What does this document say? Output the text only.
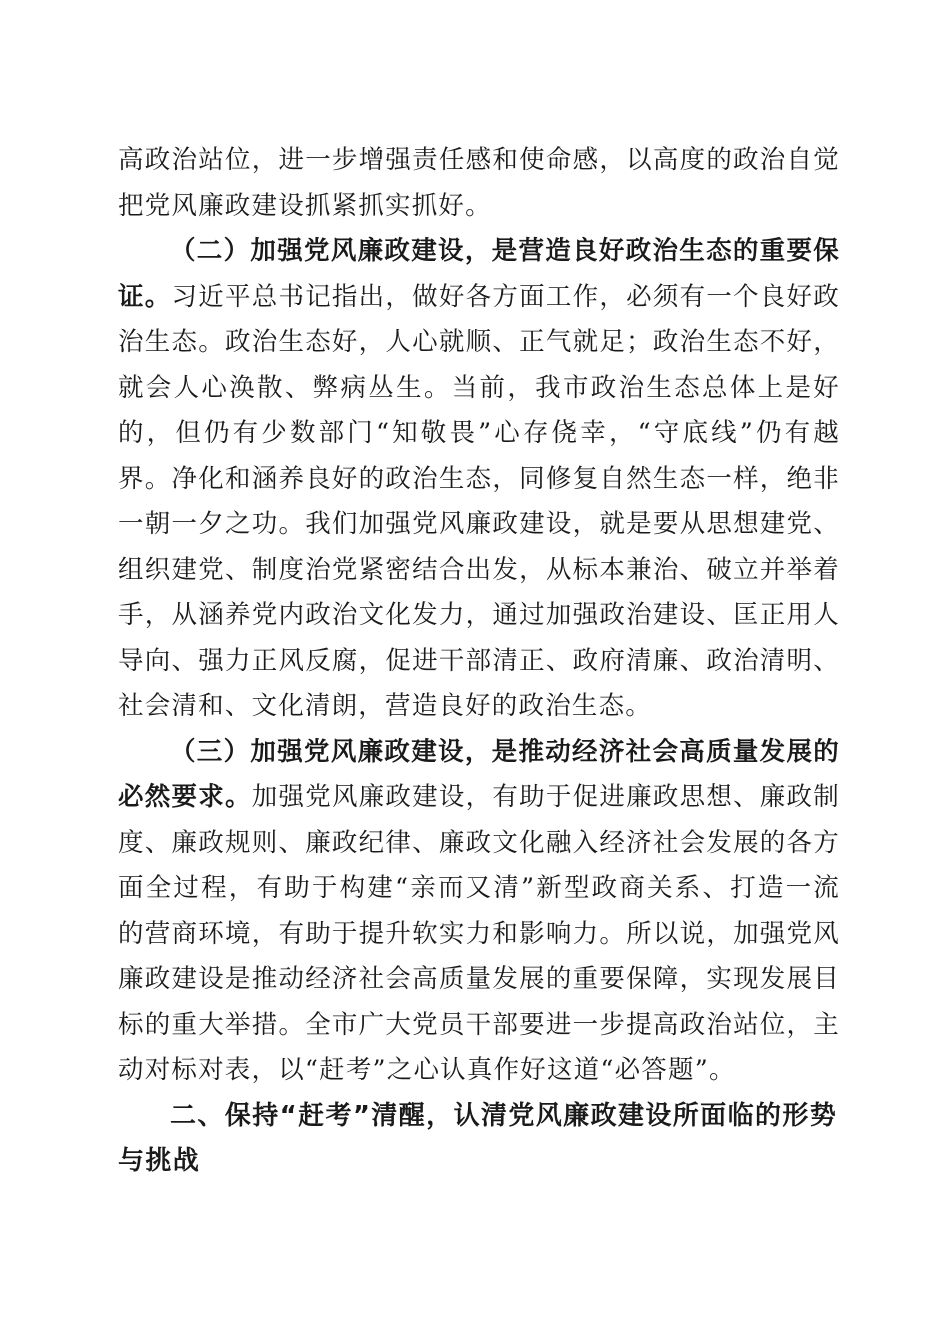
高政治站位，进一步增强责任感和使命感，以高度的政治自觉把党风廉政建设抓紧抓实抓好。

（二）加强党风廉政建设，是营造良好政治生态的重要保证。习近平总书记指出，做好各方面工作，必须有一个良好政治生态。政治生态好，人心就顺、正气就足；政治生态不好，就会人心涣散、弊病丛生。当前，我市政治生态总体上是好的，但仍有少数部门“知敬畏”心存侥幸，“守底线”仍有越界。净化和涵养良好的政治生态，同修复自然生态一样，绝非一朝一夕之功。我们加强党风廉政建设，就是要从思想建党、组织建党、制度治党紧密结合出发，从标本兼治、破立并举着手，从涵养党内政治文化发力，通过加强政治建设、匡正用人导向、强力正风反腐，促进干部清正、政府清廉、政治清明、社会清和、文化清朗，营造良好的政治生态。

（三）加强党风廉政建设，是推动经济社会高质量发展的必然要求。加强党风廉政建设，有助于促进廉政思想、廉政制度、廉政规则、廉政纪律、廉政文化融入经济社会发展的各方面全过程，有助于构建“亲而又清”新型政商关系、打造一流的营商环境，有助于提升软实力和影响力。所以说，加强党风廉政建设是推动经济社会高质量发展的重要保障，实现发展目标的重大举措。全市广大党员干部要进一步提高政治站位，主动对标对表，以“赶考”之心认真作好这道“必答题”。

二、保持“赶考”清醒，认清党风廉政建设所面临的形势与挑战
